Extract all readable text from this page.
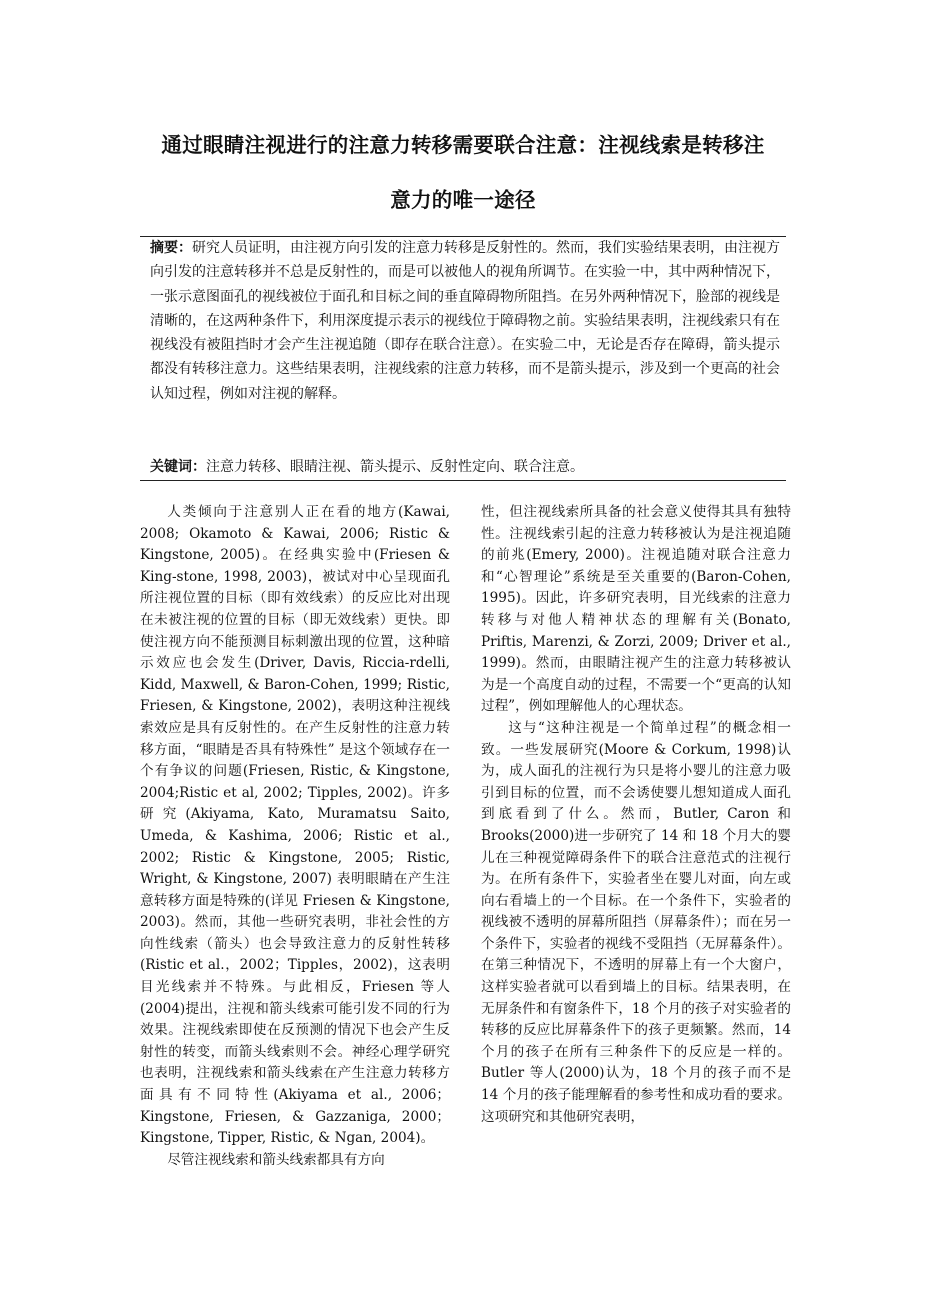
通过眼睛注视进行的注意力转移需要联合注意：注视线索是转移注
意力的唯一途径

摘要：研究人员证明，由注视方向引发的注意力转移是反射性的。然而，我们实验结果表明，由注视方向引发的注意转移并不总是反射性的，而是可以被他人的视角所调节。在实验一中，其中两种情况下，一张示意图面孔的视线被位于面孔和目标之间的垂直障碍物所阻挡。在另外两种情况下，脸部的视线是清晰的，在这两种条件下，利用深度提示表示的视线位于障碍物之前。实验结果表明，注视线索只有在视线没有被阻挡时才会产生注视追随（即存在联合注意）。在实验二中，无论是否存在障碍，箭头提示都没有转移注意力。这些结果表明，注视线索的注意力转移，而不是箭头提示，涉及到一个更高的社会认知过程，例如对注视的解释。

关键词：注意力转移、眼睛注视、箭头提示、反射性定向、联合注意。

人类倾向于注意别人正在看的地方(Kawai, 2008; Okamoto & Kawai, 2006; Ristic & Kingstone, 2005)。在经典实验中(Friesen & King-stone, 1998, 2003)，被试对中心呈现面孔所注视位置的目标（即有效线索）的反应比对出现在未被注视的位置的目标（即无效线索）更快。即使注视方向不能预测目标刺激出现的位置，这种暗示效应也会发生(Driver, Davis, Riccia-rdelli, Kidd, Maxwell, & Baron-Cohen, 1999; Ristic, Friesen, & Kingstone, 2002)，表明这种注视线索效应是具有反射性的。在产生反射性的注意力转移方面，“眼睛是否具有特殊性” 是这个领域存在一个有争议的问题(Friesen, Ristic, & Kingstone, 2004;Ristic et al, 2002; Tipples, 2002)。许多研究(Akiyama, Kato, Muramatsu Saito, Umeda, & Kashima, 2006; Ristic et al., 2002; Ristic & Kingstone, 2005; Ristic, Wright, & Kingstone, 2007) 表明眼睛在产生注意转移方面是特殊的(详见 Friesen & Kingstone, 2003)。然而，其他一些研究表明，非社会性的方向性线索（箭头）也会导致注意力的反射性转移(Ristic et al.，2002；Tipples，2002)，这表明目光线索并不特殊。与此相反，Friesen 等人(2004)提出，注视和箭头线索可能引发不同的行为效果。注视线索即使在反预测的情况下也会产生反射性的转变，而箭头线索则不会。神经心理学研究也表明，注视线索和箭头线索在产生注意力转移方面具有不同特性(Akiyama et al., 2006；Kingstone, Friesen, & Gazzaniga, 2000；Kingstone, Tipper, Ristic, & Ngan, 2004)。

尽管注视线索和箭头线索都具有方向

性，但注视线索所具备的社会意义使得其具有独特性。注视线索引起的注意力转移被认为是注视追随的前兆(Emery, 2000)。注视追随对联合注意力和“心智理论”系统是至关重要的(Baron-Cohen, 1995)。因此，许多研究表明，目光线索的注意力转移与对他人精神状态的理解有关(Bonato, Priftis, Marenzi, & Zorzi, 2009; Driver et al., 1999)。然而，由眼睛注视产生的注意力转移被认为是一个高度自动的过程，不需要一个“更高的认知过程”，例如理解他人的心理状态。

这与“这种注视是一个简单过程”的概念相一致。一些发展研究(Moore & Corkum, 1998)认为，成人面孔的注视行为只是将小婴儿的注意力吸引到目标的位置，而不会诱使婴儿想知道成人面孔到底看到了什么。然而，Butler, Caron 和 Brooks(2000)进一步研究了 14 和 18 个月大的婴儿在三种视觉障碍条件下的联合注意范式的注视行为。在所有条件下，实验者坐在婴儿对面，向左或向右看墙上的一个目标。在一个条件下，实验者的视线被不透明的屏幕所阻挡（屏幕条件）；而在另一个条件下，实验者的视线不受阻挡（无屏幕条件）。在第三种情况下，不透明的屏幕上有一个大窗户，这样实验者就可以看到墙上的目标。结果表明，在无屏条件和有窗条件下，18 个月的孩子对实验者的转移的反应比屏幕条件下的孩子更频繁。然而，14 个月的孩子在所有三种条件下的反应是一样的。Butler 等人(2000)认为，18 个月的孩子而不是 14 个月的孩子能理解看的参考性和成功看的要求。这项研究和其他研究表明，
